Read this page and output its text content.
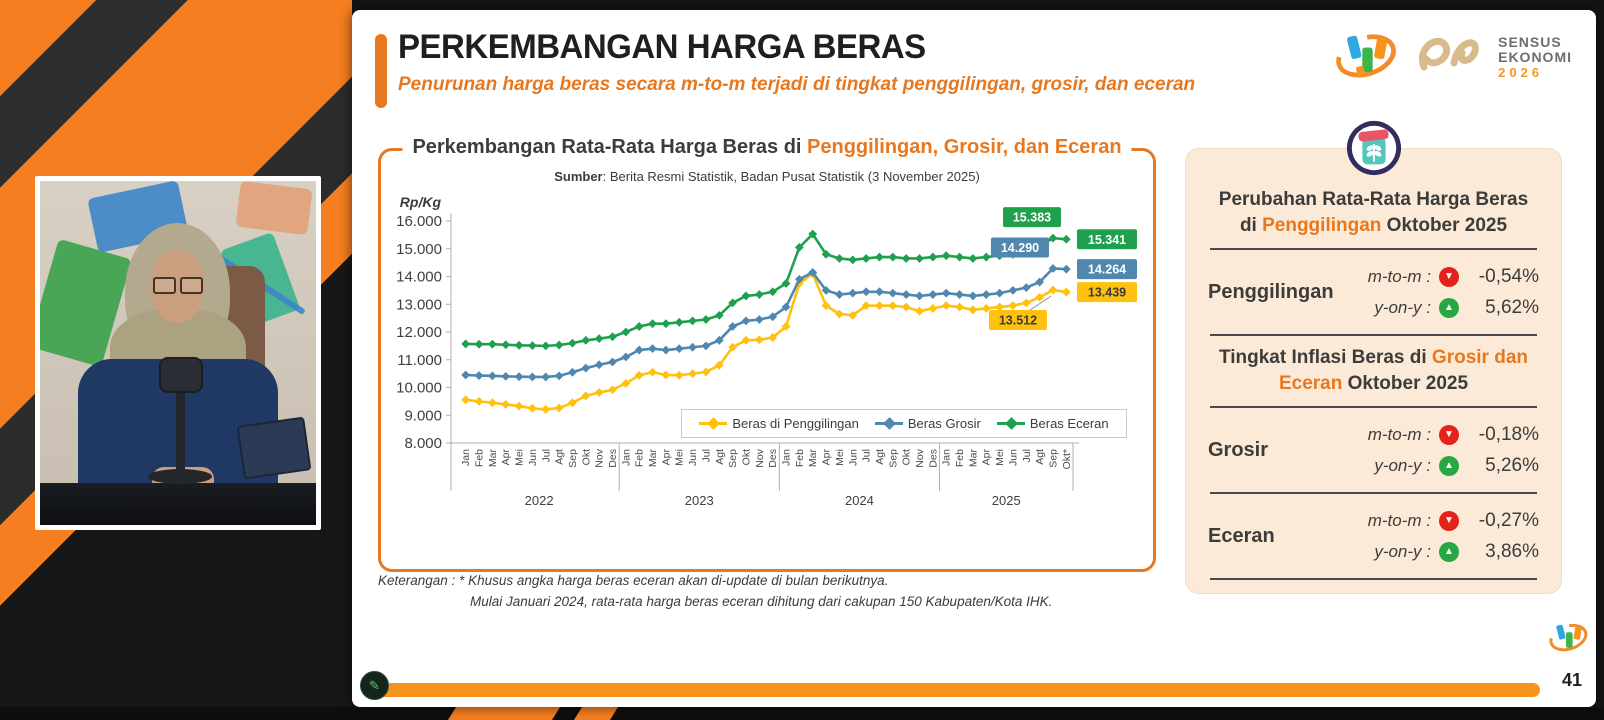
PERKEMBANGAN HARGA BERAS
Penurunan harga beras secara m-to-m terjadi di tingkat penggilingan, grosir, dan eceran
SENSUS
EKONOMI
2026
Perkembangan Rata-Rata Harga Beras di Penggilingan, Grosir, dan Eceran
Sumber: Berita Resmi Statistik, Badan Pusat Statistik (3 November 2025)
Rp/Kg
8.000
9.000
10.000
11.000
12.000
13.000
14.000
15.000
16.000
Jan Feb Mar Apr Mei Jun Jul Agt Sep Okt Nov Des Jan Feb Mar Apr Mei Jun Jul Agt Sep Okt Nov Des Jan Feb Mar Apr Mei Jun Jul Agt Sep Okt Nov Des Jan Feb Mar Apr Mei Jun Jul Agt Sep Okt*
2022	2023	2024	2025
13.512
13.439
14.290
14.264
15.383
15.341
Beras di Penggilingan	Beras Grosir	Beras Eceran
Keterangan : * Khusus angka harga beras eceran akan di-update di bulan berikutnya.
Mulai Januari 2024, rata-rata harga beras eceran dihitung dari cakupan 150 Kabupaten/Kota IHK.
Perubahan Rata-Rata Harga Beras di Penggilingan Oktober 2025
Penggilingan
m-to-m : ▼	-0,54%
y-on-y : ▲	5,62%
Tingkat Inflasi Beras di Grosir dan Eceran Oktober 2025
Grosir
m-to-m : ▼	-0,18%
y-on-y : ▲	5,26%
Eceran
m-to-m : ▼	-0,27%
y-on-y : ▲	3,86%
✎	41
